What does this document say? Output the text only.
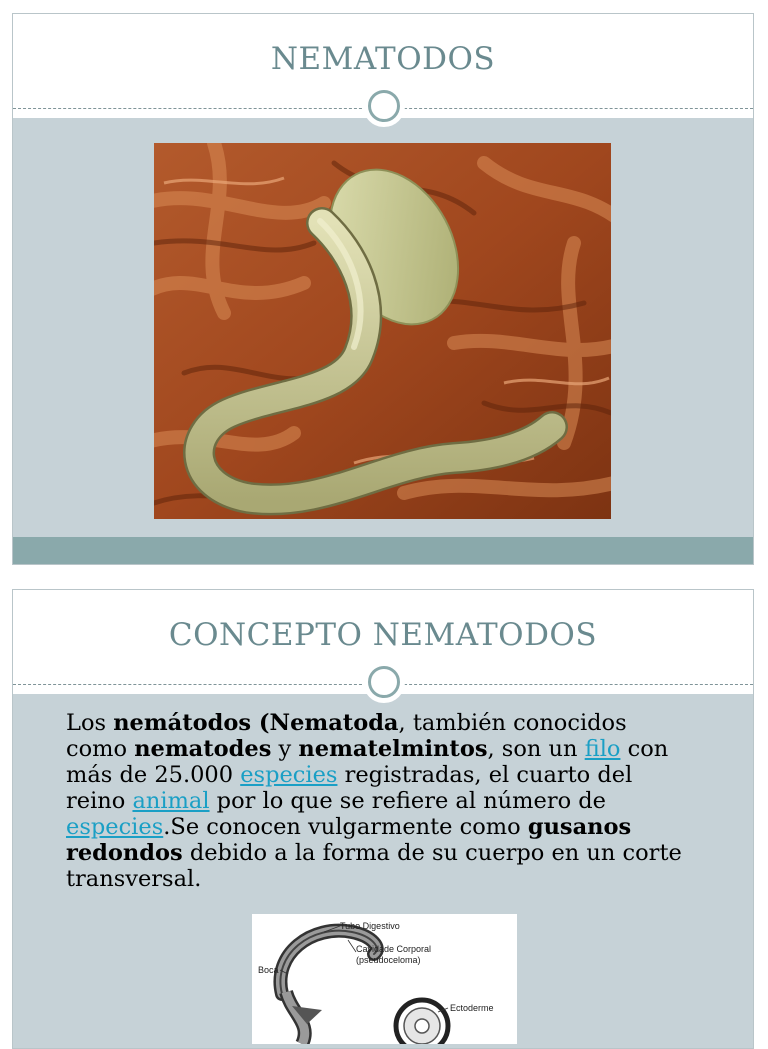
NEMATODOS
CONCEPTO NEMATODOS
Los nemátodos (Nematoda, también conocidos como nematodes y nematelmintos, son un filo con más de 25.000 especies registradas, el cuarto del reino animal por lo que se refiere al número de especies.Se conocen vulgarmente como gusanos redondos debido a la forma de su cuerpo en un corte transversal.
Tubo Digestivo
Cavidade Corporal
(pseudoceloma)
Boca
Ectoderme
